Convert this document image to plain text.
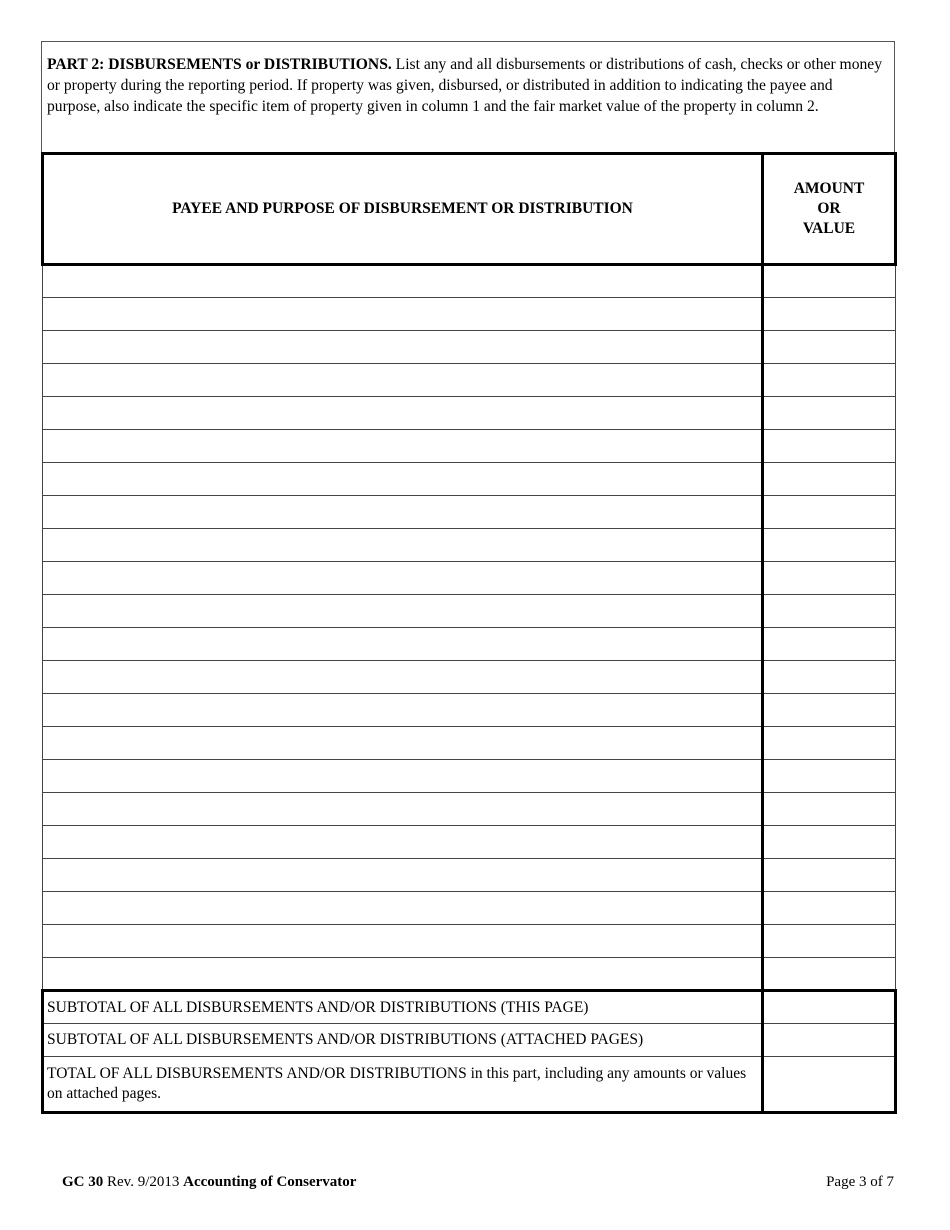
PART 2: DISBURSEMENTS or DISTRIBUTIONS. List any and all disbursements or distributions of cash, checks or other money or property during the reporting period. If property was given, disbursed, or distributed in addition to indicating the payee and purpose, also indicate the specific item of property given in column 1 and the fair market value of the property in column 2.
PAYEE AND PURPOSE OF DISBURSEMENT OR DISTRIBUTION	AMOUNT
OR
VALUE

SUBTOTAL OF ALL DISBURSEMENTS AND/OR DISTRIBUTIONS (THIS PAGE)	
SUBTOTAL OF ALL DISBURSEMENTS AND/OR DISTRIBUTIONS (ATTACHED PAGES)	
TOTAL OF ALL DISBURSEMENTS AND/OR DISTRIBUTIONS in this part, including any amounts or values on attached pages.	
GC 30 Rev. 9/2013 Accounting of Conservator	Page 3 of 7
